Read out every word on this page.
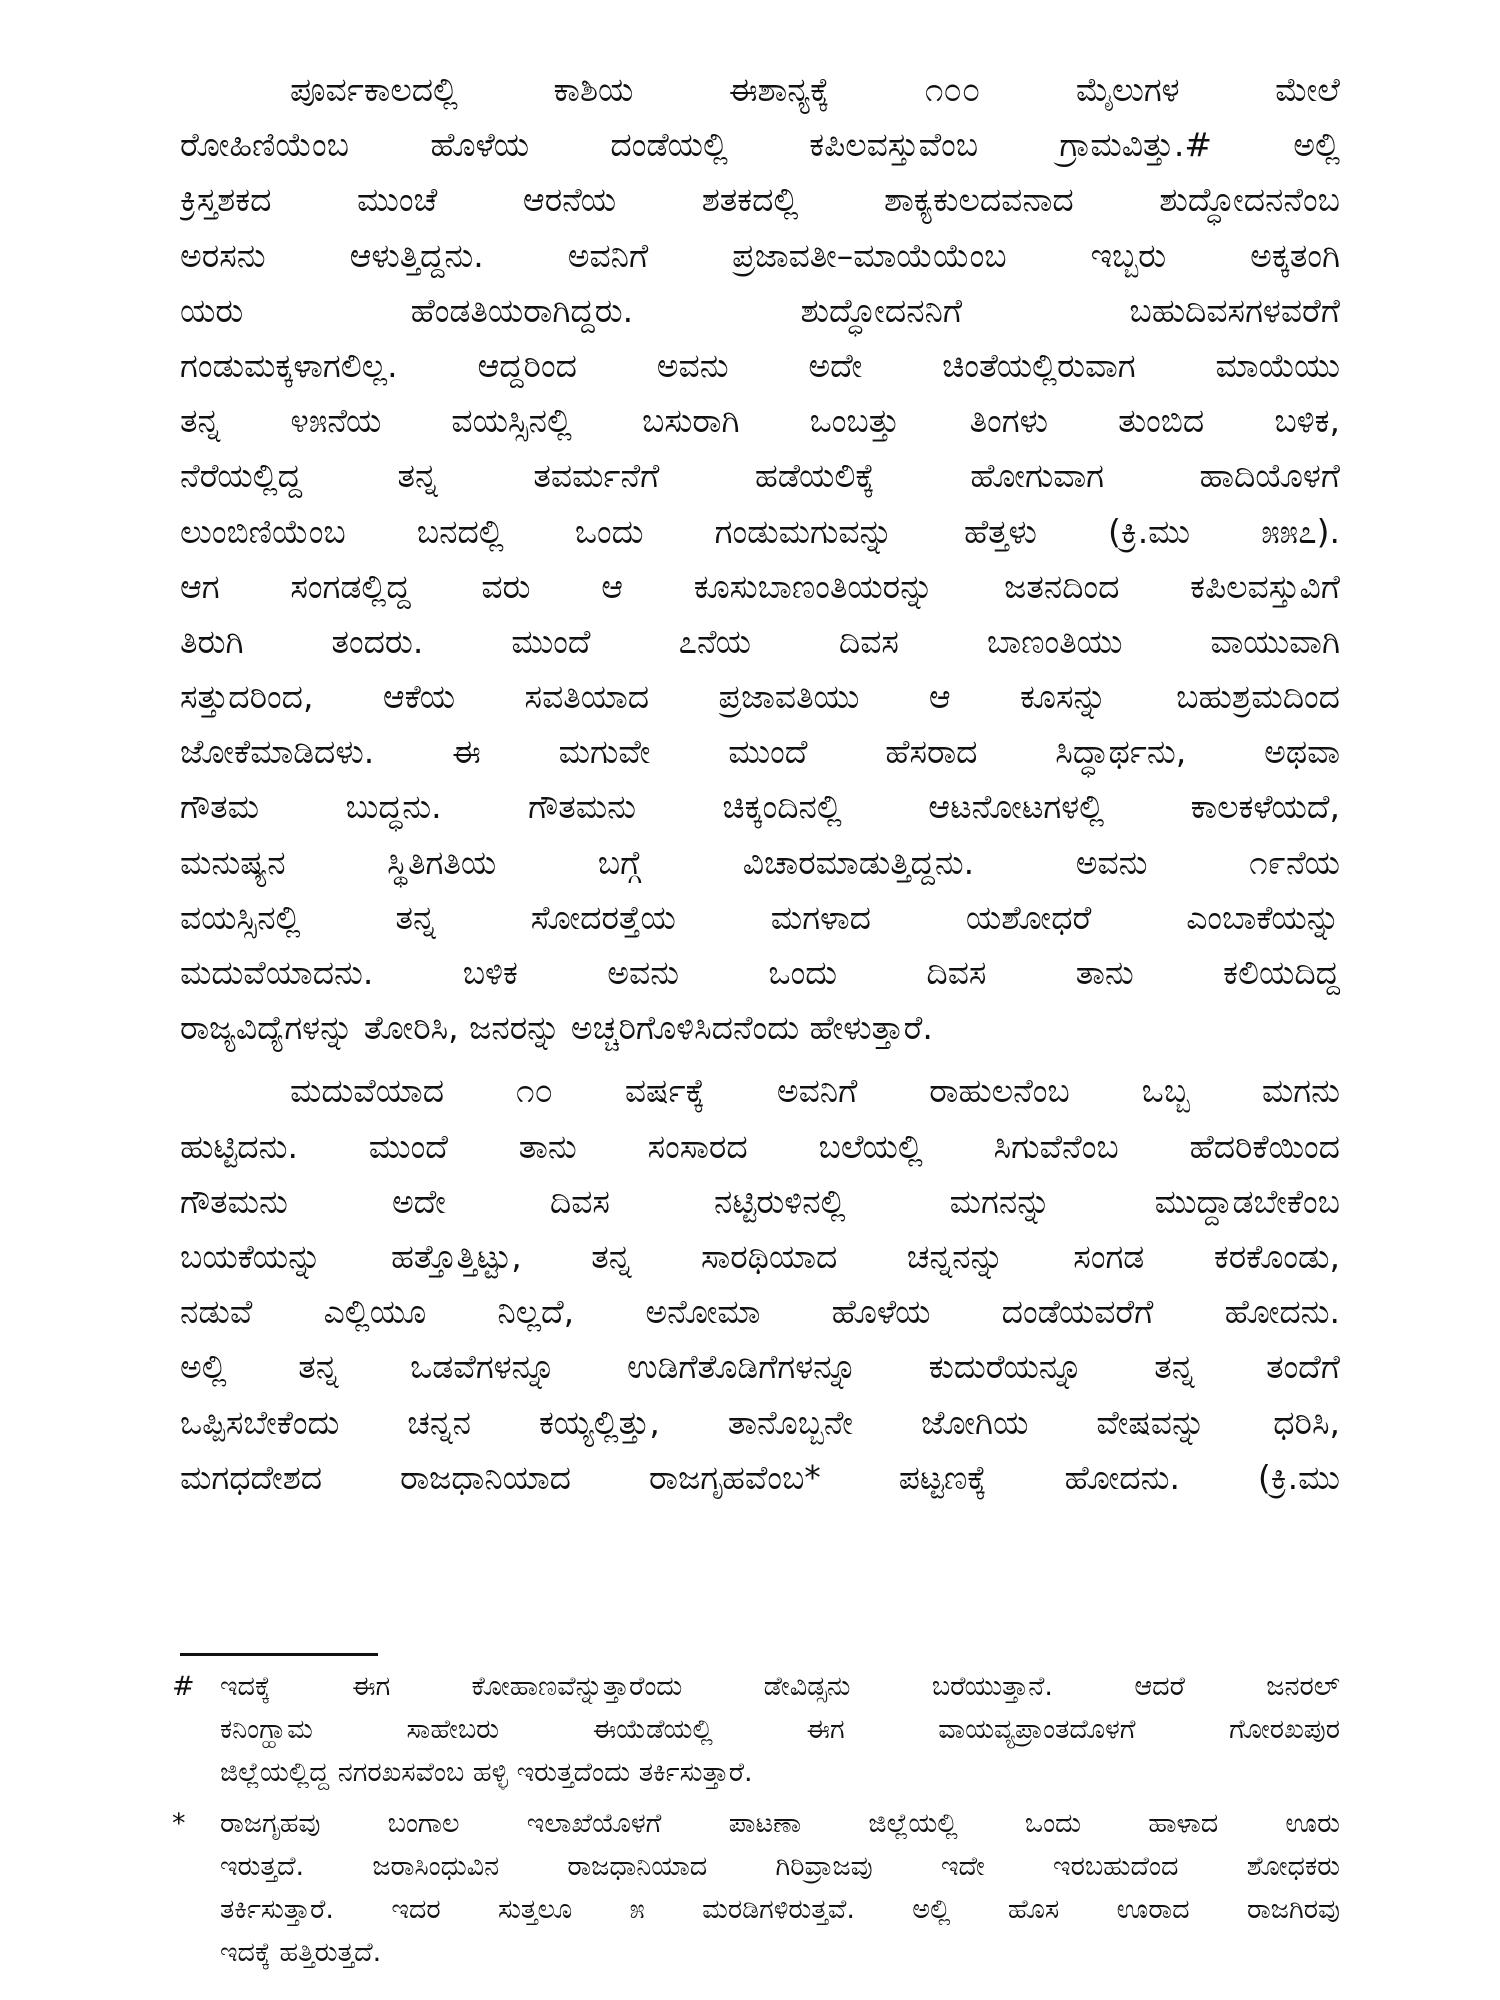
ಪೂರ್ವಕಾಲದಲ್ಲಿ ಕಾಶಿಯ ಈಶಾನ್ಯಕ್ಕೆ ೧೦೦ ಮೈಲುಗಳ ಮೇಲೆ
ರೋಹಿಣಿಯೆಂಬ ಹೊಳೆಯ ದಂಡೆಯಲ್ಲಿ ಕಪಿಲವಸ್ತುವೆಂಬ ಗ್ರಾಮವಿತ್ತು.# ಅಲ್ಲಿ
ಕ್ರಿಸ್ತಶಕದ ಮುಂಚೆ ಆರನೆಯ ಶತಕದಲ್ಲಿ ಶಾಕ್ಯಕುಲದವನಾದ ಶುದ್ಧೋದನನೆಂಬ
ಅರಸನು ಆಳುತ್ತಿದ್ದನು. ಅವನಿಗೆ ಪ್ರಜಾವತೀ–ಮಾಯೆಯೆಂಬ ಇಬ್ಬರು ಅಕ್ಕತಂಗಿ
ಯರು ಹೆಂಡತಿಯರಾಗಿದ್ದರು. ಶುದ್ಧೋದನನಿಗೆ ಬಹುದಿವಸಗಳವರೆಗೆ
ಗಂಡುಮಕ್ಕಳಾಗಲಿಲ್ಲ. ಆದ್ದರಿಂದ ಅವನು ಅದೇ ಚಿಂತೆಯಲ್ಲಿರುವಾಗ ಮಾಯೆಯು
ತನ್ನ ೪೫ನೆಯ ವಯಸ್ಸಿನಲ್ಲಿ ಬಸುರಾಗಿ ಒಂಬತ್ತು ತಿಂಗಳು ತುಂಬಿದ ಬಳಿಕ,
ನೆರೆಯಲ್ಲಿದ್ದ ತನ್ನ ತವರ್ಮನೆಗೆ ಹಡೆಯಲಿಕ್ಕೆ ಹೋಗುವಾಗ ಹಾದಿಯೊಳಗೆ
ಲುಂಬಿಣಿಯೆಂಬ ಬನದಲ್ಲಿ ಒಂದು ಗಂಡುಮಗುವನ್ನು ಹೆತ್ತಳು (ಕ್ರಿ.ಮು ೫೫೭).
ಆಗ ಸಂಗಡಲ್ಲಿದ್ದ ವರು ಆ ಕೂಸುಬಾಣಂತಿಯರನ್ನು ಜತನದಿಂದ ಕಪಿಲವಸ್ತುವಿಗೆ
ತಿರುಗಿ ತಂದರು. ಮುಂದೆ ೭ನೆಯ ದಿವಸ ಬಾಣಂತಿಯು ವಾಯುವಾಗಿ
ಸತ್ತುದರಿಂದ, ಆಕೆಯ ಸವತಿಯಾದ ಪ್ರಜಾವತಿಯು ಆ ಕೂಸನ್ನು ಬಹುಶ್ರಮದಿಂದ
ಜೋಕೆಮಾಡಿದಳು. ಈ ಮಗುವೇ ಮುಂದೆ ಹೆಸರಾದ ಸಿದ್ಧಾರ್ಥನು, ಅಥವಾ
ಗೌತಮ ಬುದ್ಧನು. ಗೌತಮನು ಚಿಕ್ಕಂದಿನಲ್ಲಿ ಆಟನೋಟಗಳಲ್ಲಿ ಕಾಲಕಳೆಯದೆ,
ಮನುಷ್ಯನ ಸ್ಥಿತಿಗತಿಯ ಬಗ್ಗೆ ವಿಚಾರಮಾಡುತ್ತಿದ್ದನು. ಅವನು ೧೯ನೆಯ
ವಯಸ್ಸಿನಲ್ಲಿ ತನ್ನ ಸೋದರತ್ತೆಯ ಮಗಳಾದ ಯಶೋಧರೆ ಎಂಬಾಕೆಯನ್ನು
ಮದುವೆಯಾದನು. ಬಳಿಕ ಅವನು ಒಂದು ದಿವಸ ತಾನು ಕಲಿಯದಿದ್ದ
ರಾಜ್ಯವಿದ್ಯೆಗಳನ್ನು ತೋರಿಸಿ, ಜನರನ್ನು ಅಚ್ಚರಿಗೊಳಿಸಿದನೆಂದು ಹೇಳುತ್ತಾರೆ.
ಮದುವೆಯಾದ ೧೦ ವರ್ಷಕ್ಕೆ ಅವನಿಗೆ ರಾಹುಲನೆಂಬ ಒಬ್ಬ ಮಗನು
ಹುಟ್ಟಿದನು. ಮುಂದೆ ತಾನು ಸಂಸಾರದ ಬಲೆಯಲ್ಲಿ ಸಿಗುವೆನೆಂಬ ಹೆದರಿಕೆಯಿಂದ
ಗೌತಮನು ಅದೇ ದಿವಸ ನಟ್ಟಿರುಳಿನಲ್ಲಿ ಮಗನನ್ನು ಮುದ್ದಾಡಬೇಕೆಂಬ
ಬಯಕೆಯನ್ನು ಹತ್ತೊತ್ತಿಟ್ಟು, ತನ್ನ ಸಾರಥಿಯಾದ ಚನ್ನನನ್ನು ಸಂಗಡ ಕರಕೊಂಡು,
ನಡುವೆ ಎಲ್ಲಿಯೂ ನಿಲ್ಲದೆ, ಅನೋಮಾ ಹೊಳೆಯ ದಂಡೆಯವರೆಗೆ ಹೋದನು.
ಅಲ್ಲಿ ತನ್ನ ಒಡವೆಗಳನ್ನೂ ಉಡಿಗೆತೊಡಿಗೆಗಳನ್ನೂ ಕುದುರೆಯನ್ನೂ ತನ್ನ ತಂದೆಗೆ
ಒಪ್ಪಿಸಬೇಕೆಂದು ಚನ್ನನ ಕಯ್ಯಲ್ಲಿತ್ತು, ತಾನೊಬ್ಬನೇ ಜೋಗಿಯ ವೇಷವನ್ನು ಧರಿಸಿ,
ಮಗಧದೇಶದ ರಾಜಧಾನಿಯಾದ ರಾಜಗೃಹವೆಂಬ* ಪಟ್ಟಣಕ್ಕೆ ಹೋದನು. (ಕ್ರಿ.ಮು
# ಇದಕ್ಕೆ ಈಗ ಕೋಹಾಣವೆನ್ನುತ್ತಾರೆಂದು ಡೇವಿಡ್ಸನು ಬರೆಯುತ್ತಾನೆ. ಆದರೆ ಜನರಲ್
ಕನಿಂಗ್ಹಾಮ ಸಾಹೇಬರು ಈಯೆಡೆಯಲ್ಲಿ ಈಗ ವಾಯವ್ಯಪ್ರಾಂತದೊಳಗೆ ಗೋರಖಪುರ
ಜಿಲ್ಲೆಯಲ್ಲಿದ್ದ ನಗರಖಸವೆಂಬ ಹಳ್ಳಿ ಇರುತ್ತದೆಂದು ತರ್ಕಿಸುತ್ತಾರೆ.
* ರಾಜಗೃಹವು ಬಂಗಾಲ ಇಲಾಖೆಯೊಳಗೆ ಪಾಟಣಾ ಜಿಲ್ಲೆಯಲ್ಲಿ ಒಂದು ಹಾಳಾದ ಊರು
ಇರುತ್ತದೆ. ಜರಾಸಿಂಧುವಿನ ರಾಜಧಾನಿಯಾದ ಗಿರಿವ್ರಾಜವು ಇದೇ ಇರಬಹುದೆಂದ ಶೋಧಕರು
ತರ್ಕಿಸುತ್ತಾರೆ. ಇದರ ಸುತ್ತಲೂ ೫ ಮರಡಿಗಳಿರುತ್ತವೆ. ಅಲ್ಲಿ ಹೊಸ ಊರಾದ ರಾಜಗಿರವು
ಇದಕ್ಕೆ ಹತ್ತಿರುತ್ತದೆ.
